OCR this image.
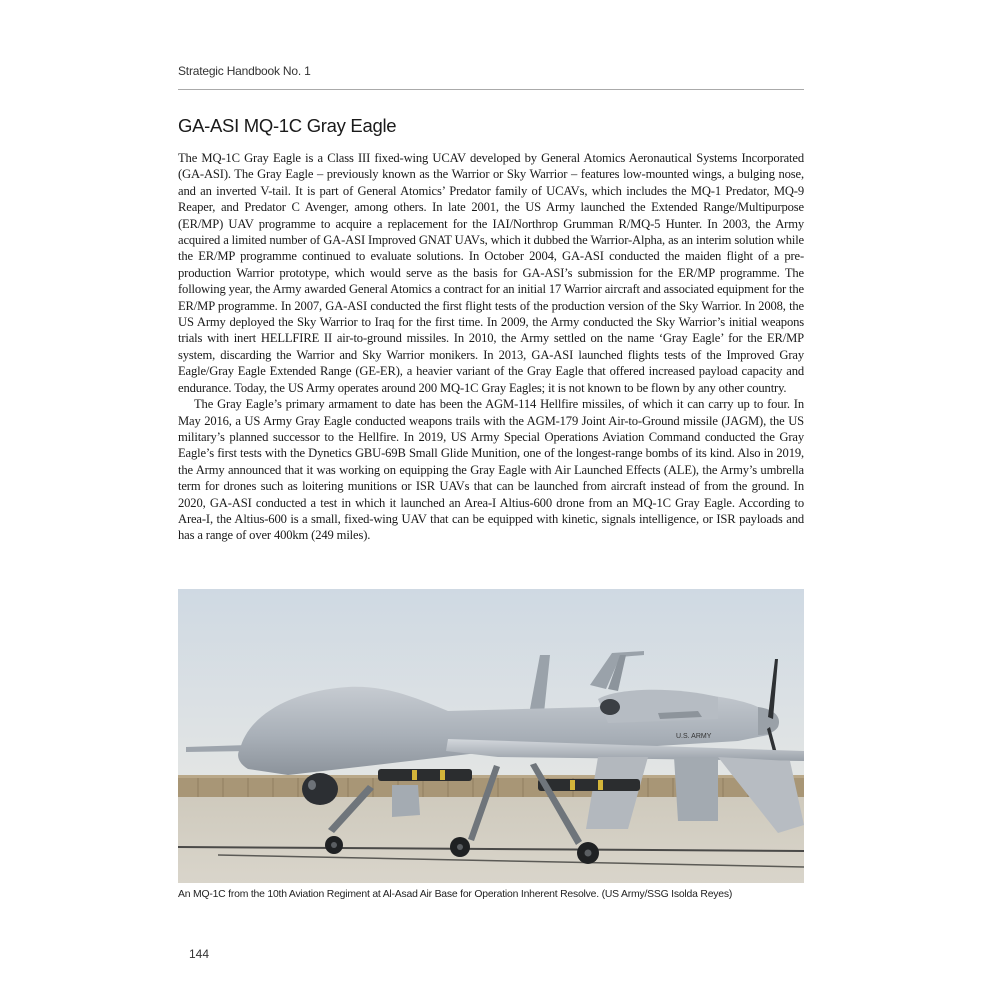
Strategic Handbook No. 1
GA-ASI MQ-1C Gray Eagle

The MQ-1C Gray Eagle is a Class III fixed-wing UCAV developed by General Atomics Aeronautical Systems Incorporated (GA-ASI). The Gray Eagle – previously known as the Warrior or Sky Warrior – features low-mounted wings, a bulging nose, and an inverted V-tail. It is part of General Atomics’ Predator family of UCAVs, which includes the MQ-1 Predator, MQ-9 Reaper, and Predator C Avenger, among others. In late 2001, the US Army launched the Extended Range/Multipurpose (ER/MP) UAV programme to acquire a replacement for the IAI/Northrop Grumman R/MQ-5 Hunter. In 2003, the Army acquired a limited number of GA-ASI Improved GNAT UAVs, which it dubbed the Warrior-Alpha, as an interim solution while the ER/MP programme continued to evaluate solutions. In October 2004, GA-ASI conducted the maiden flight of a pre-production Warrior prototype, which would serve as the basis for GA-ASI’s submission for the ER/MP programme. The following year, the Army awarded General Atomics a contract for an initial 17 Warrior aircraft and associated equipment for the ER/MP programme. In 2007, GA-ASI conducted the first flight tests of the production version of the Sky Warrior. In 2008, the US Army deployed the Sky Warrior to Iraq for the first time. In 2009, the Army conducted the Sky Warrior’s initial weapons trials with inert HELLFIRE II air-to-ground missiles. In 2010, the Army settled on the name ‘Gray Eagle’ for the ER/MP system, discarding the Warrior and Sky Warrior monikers. In 2013, GA-ASI launched flights tests of the Improved Gray Eagle/Gray Eagle Extended Range (GE-ER), a heavier variant of the Gray Eagle that offered increased payload capacity and endurance. Today, the US Army operates around 200 MQ-1C Gray Eagles; it is not known to be flown by any other country.

The Gray Eagle’s primary armament to date has been the AGM-114 Hellfire missiles, of which it can carry up to four. In May 2016, a US Army Gray Eagle conducted weapons trails with the AGM-179 Joint Air-to-Ground missile (JAGM), the US military’s planned successor to the Hellfire. In 2019, US Army Special Operations Aviation Command conducted the Gray Eagle’s first tests with the Dynetics GBU-69B Small Glide Munition, one of the longest-range bombs of its kind. Also in 2019, the Army announced that it was working on equipping the Gray Eagle with Air Launched Effects (ALE), the Army’s umbrella term for drones such as loitering munitions or ISR UAVs that can be launched from aircraft instead of from the ground. In 2020, GA-ASI conducted a test in which it launched an Area-I Altius-600 drone from an MQ-1C Gray Eagle. According to Area-I, the Altius-600 is a small, fixed-wing UAV that can be equipped with kinetic, signals intelligence, or ISR payloads and has a range of over 400km (249 miles).

U.S. ARMY
An MQ-1C from the 10th Aviation Regiment at Al-Asad Air Base for Operation Inherent Resolve. (US Army/SSG Isolda Reyes)
144
